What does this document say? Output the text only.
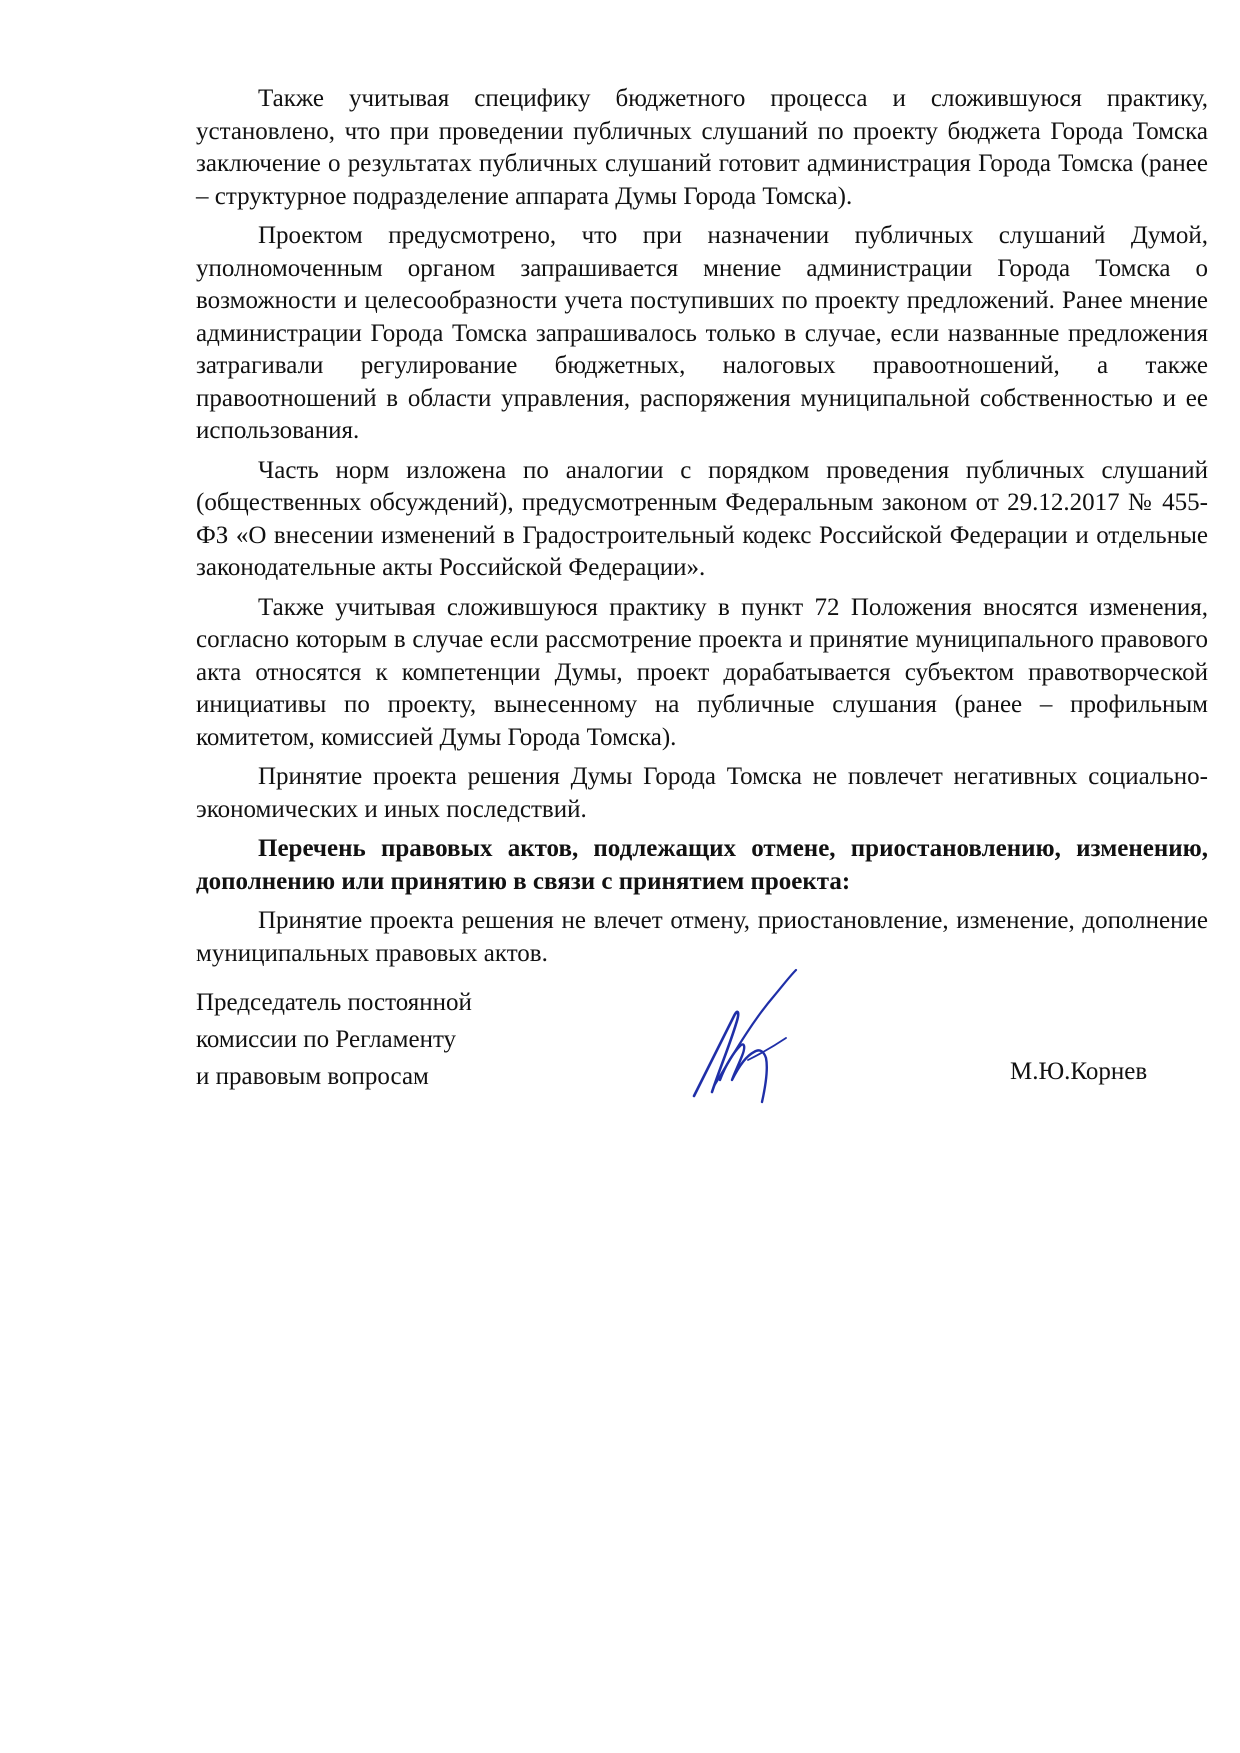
Также учитывая специфику бюджетного процесса и сложившуюся практику, установлено, что при проведении публичных слушаний по проекту бюджета Города Томска заключение о результатах публичных слушаний готовит администрация Города Томска (ранее – структурное подразделение аппарата Думы Города Томска).

Проектом предусмотрено, что при назначении публичных слушаний Думой, уполномоченным органом запрашивается мнение администрации Города Томска о возможности и целесообразности учета поступивших по проекту предложений. Ранее мнение администрации Города Томска запрашивалось только в случае, если названные предложения затрагивали регулирование бюджетных, налоговых правоотношений, а также правоотношений в области управления, распоряжения муниципальной собственностью и ее использования.

Часть норм изложена по аналогии с порядком проведения публичных слушаний (общественных обсуждений), предусмотренным Федеральным законом от 29.12.2017 № 455-ФЗ «О внесении изменений в Градостроительный кодекс Российской Федерации и отдельные законодательные акты Российской Федерации».

Также учитывая сложившуюся практику в пункт 72 Положения вносятся изменения, согласно которым в случае если рассмотрение проекта и принятие муниципального правового акта относятся к компетенции Думы, проект дорабатывается субъектом правотворческой инициативы по проекту, вынесенному на публичные слушания (ранее – профильным комитетом, комиссией Думы Города Томска).

Принятие проекта решения Думы Города Томска не повлечет негативных социально-экономических и иных последствий.

Перечень правовых актов, подлежащих отмене, приостановлению, изменению, дополнению или принятию в связи с принятием проекта:

Принятие проекта решения не влечет отмену, приостановление, изменение, дополнение муниципальных правовых актов.

Председатель постоянной
комиссии по Регламенту
и правовым вопросам	М.Ю.Корнев
